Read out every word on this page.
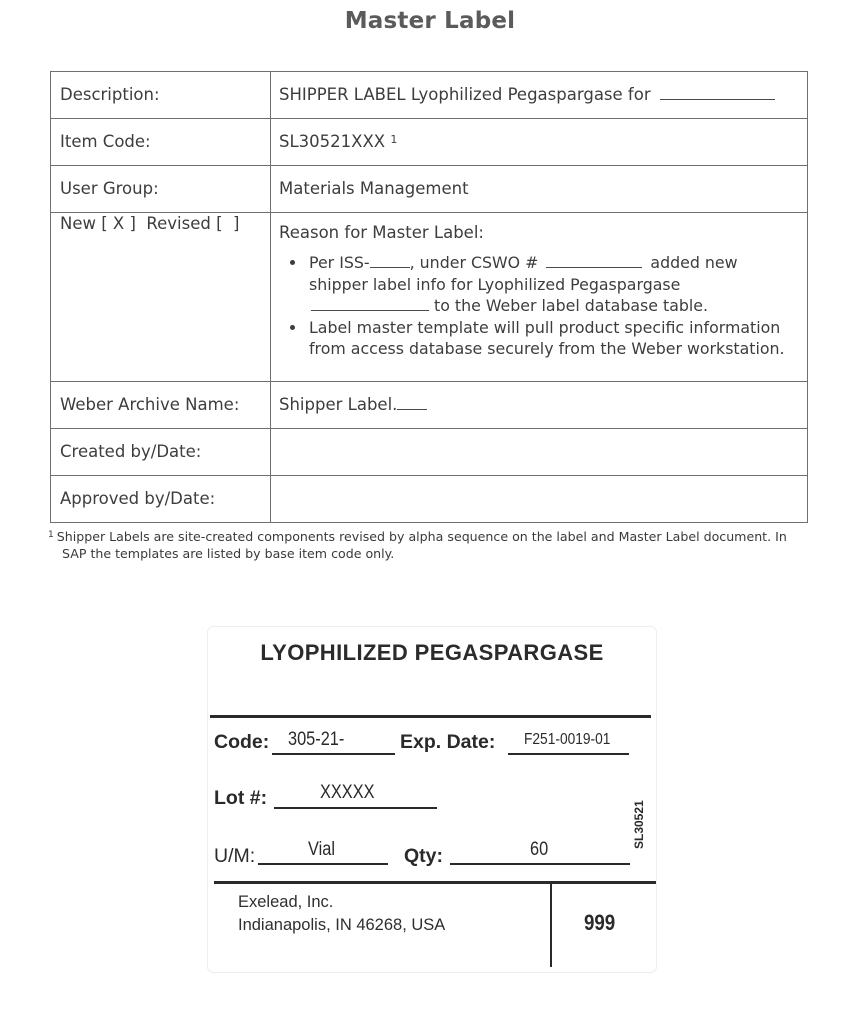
Master Label
Description:	SHIPPER LABEL Lyophilized Pegaspargase for
Item Code:	SL30521XXX $^1$
User Group:	Materials Management
New [ X ]  Revised [  ]	Reason for Master Label:
• Per ISS-	, under CSWO #	added new shipper label info for Lyophilized Pegaspargase  to the Weber label database table.
• Label master template will pull product specific information from access database securely from the Weber workstation.

Weber Archive Name:	Shipper Label.
Created by/Date:	
Approved by/Date:	
$^1$ Shipper Labels are site-created components revised by alpha sequence on the label and Master Label document. In
SAP the templates are listed by base item code only.
LYOPHILIZED PEGASPARGASE
Code: 305-21-	Exp. Date: F251-0019-01
Lot #:	XXXXX
U/M:	Vial	Qty:	60
SL30521
Exelead, Inc.
Indianapolis, IN 46268, USA	999
